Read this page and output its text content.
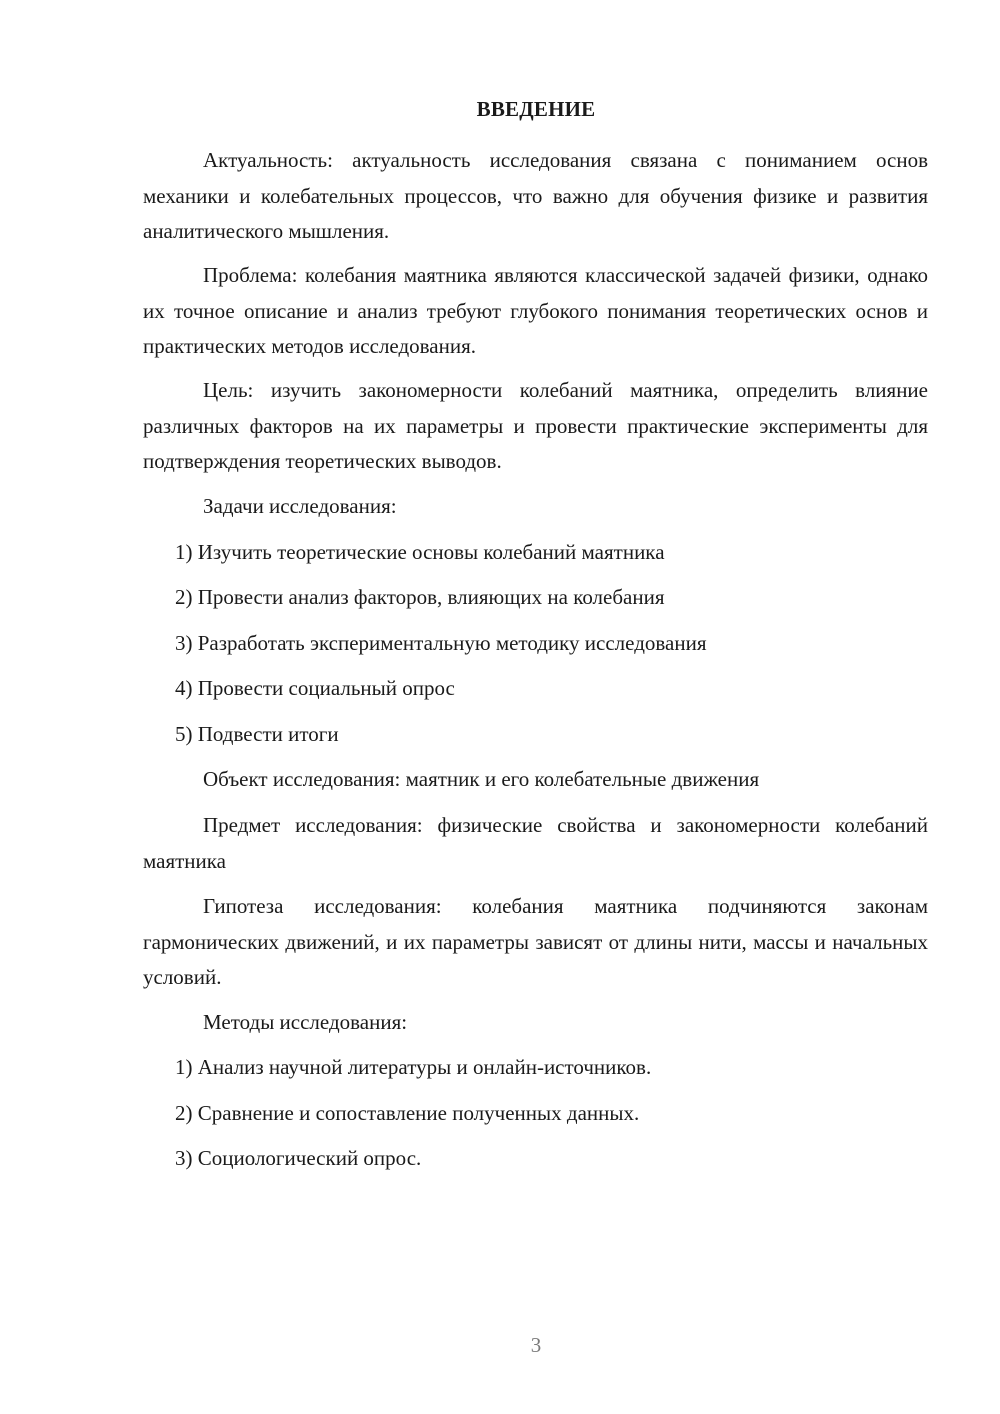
ВВЕДЕНИЕ

Актуальность: актуальность исследования связана с пониманием основ механики и колебательных процессов, что важно для обучения физике и развития аналитического мышления.

Проблема: колебания маятника являются классической задачей физики, однако их точное описание и анализ требуют глубокого понимания теоретических основ и практических методов исследования.

Цель: изучить закономерности колебаний маятника, определить влияние различных факторов на их параметры и провести практические эксперименты для подтверждения теоретических выводов.

Задачи исследования:

1) Изучить теоретические основы колебаний маятника

2) Провести анализ факторов, влияющих на колебания

3) Разработать экспериментальную методику исследования

4) Провести социальный опрос

5) Подвести итоги

Объект исследования: маятник и его колебательные движения

Предмет исследования: физические свойства и закономерности колебаний маятника

Гипотеза исследования: колебания маятника подчиняются законам гармонических движений, и их параметры зависят от длины нити, массы и начальных условий.

Методы исследования:

1) Анализ научной литературы и онлайн-источников.

2) Сравнение и сопоставление полученных данных.

3) Социологический опрос.

3
